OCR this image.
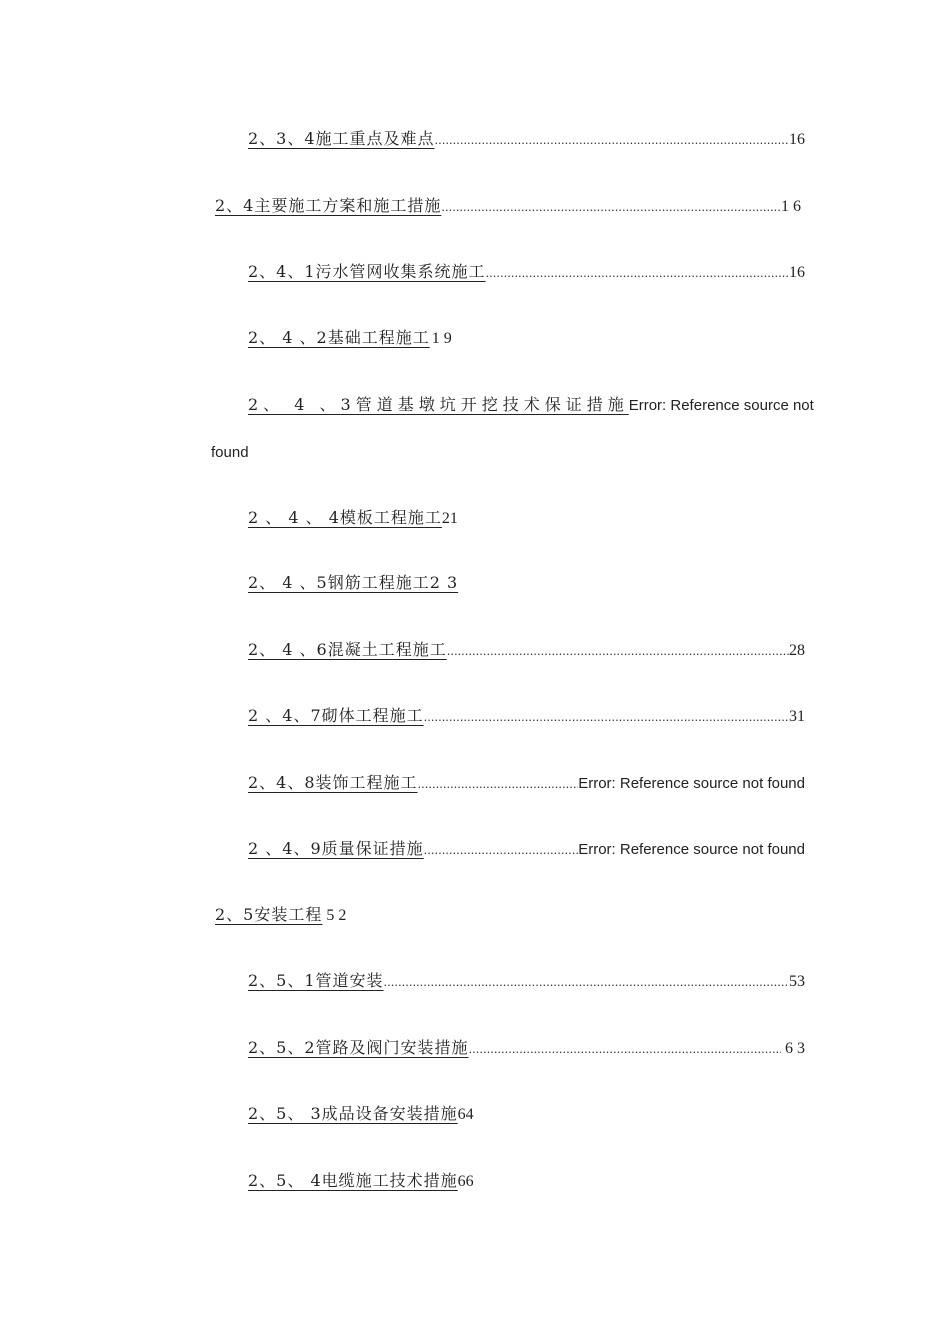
2、3、4施工重点及难点 .....	16
2、4主要施工方案和施工措施 .....	1 6
2、4、1污水管网收集系统施工 .....	16
2、 4 、2基础工程施工 1 9
2、 4 、3管道基墩坑开挖技术保证措施 Error: Reference source not
found
2 、 4 、 4模板工程施工 21
2、 4 、5钢筋工程施工2 3
2、 4 、6混凝土工程施工 .....	28
2 、4、7砌体工程施工 .....	31
2、4、8装饰工程施工 .....	Error: Reference source not found
2 、4、9质量保证措施 .....	Error: Reference source not found
2、5安装工程 5 2
2、5、1管道安装 .....	53
2、5、2管路及阀门安装措施 .....	6 3
2、5、 3成品设备安装措施 64
2、5、 4电缆施工技术措施 66
